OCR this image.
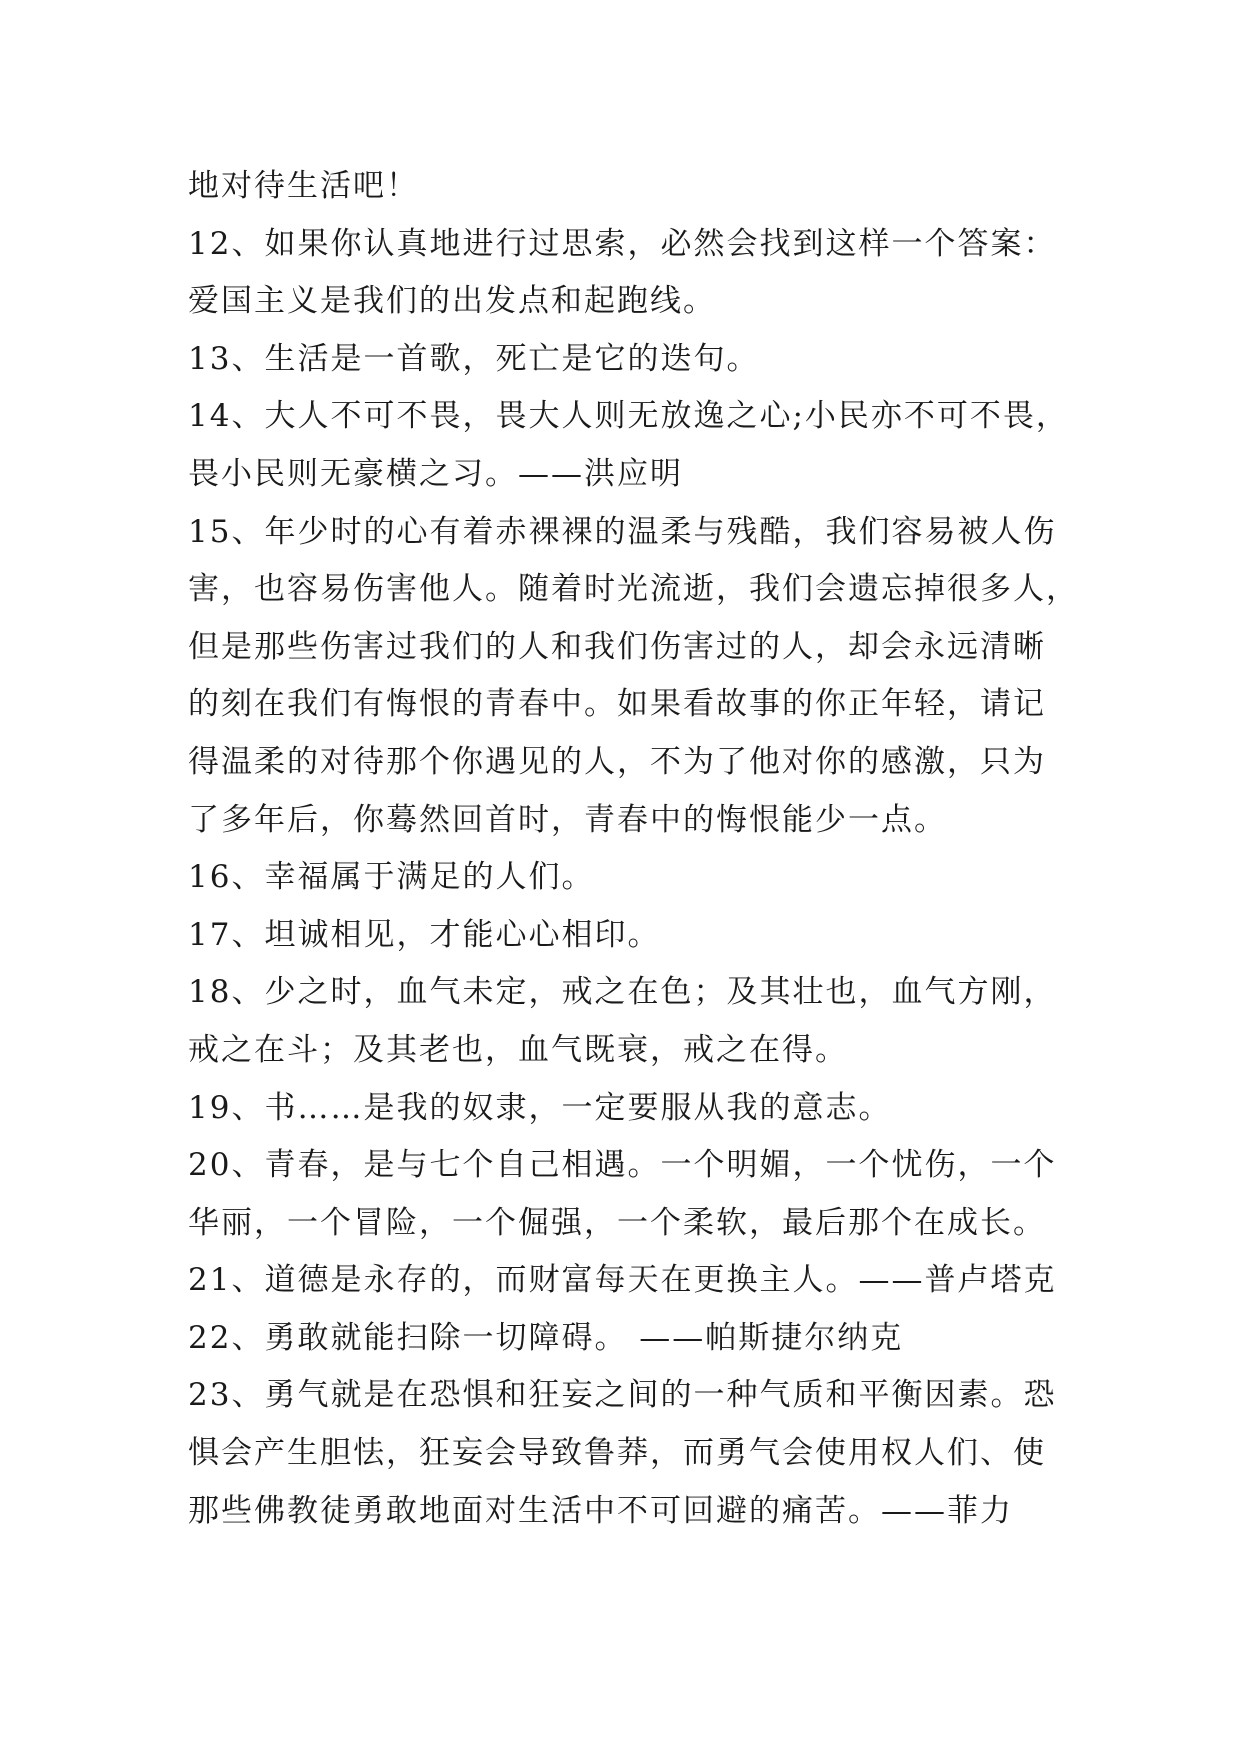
地对待生活吧！
12、如果你认真地进行过思索，必然会找到这样一个答案：
爱国主义是我们的出发点和起跑线。
13、生活是一首歌，死亡是它的迭句。
14、大人不可不畏，畏大人则无放逸之心;小民亦不可不畏，
畏小民则无豪横之习。——洪应明
15、年少时的心有着赤裸裸的温柔与残酷，我们容易被人伤
害，也容易伤害他人。随着时光流逝，我们会遗忘掉很多人，
但是那些伤害过我们的人和我们伤害过的人，却会永远清晰
的刻在我们有悔恨的青春中。如果看故事的你正年轻，请记
得温柔的对待那个你遇见的人，不为了他对你的感激，只为
了多年后，你蓦然回首时，青春中的悔恨能少一点。
16、幸福属于满足的人们。
17、坦诚相见，才能心心相印。
18、少之时，血气未定，戒之在色；及其壮也，血气方刚，
戒之在斗；及其老也，血气既衰，戒之在得。
19、书……是我的奴隶，一定要服从我的意志。
20、青春，是与七个自己相遇。一个明媚，一个忧伤，一个
华丽，一个冒险，一个倔强，一个柔软，最后那个在成长。
21、道德是永存的，而财富每天在更换主人。——普卢塔克
22、勇敢就能扫除一切障碍。 ——帕斯捷尔纳克
23、勇气就是在恐惧和狂妄之间的一种气质和平衡因素。恐
惧会产生胆怯，狂妄会导致鲁莽，而勇气会使用权人们、使
那些佛教徒勇敢地面对生活中不可回避的痛苦。——菲力
